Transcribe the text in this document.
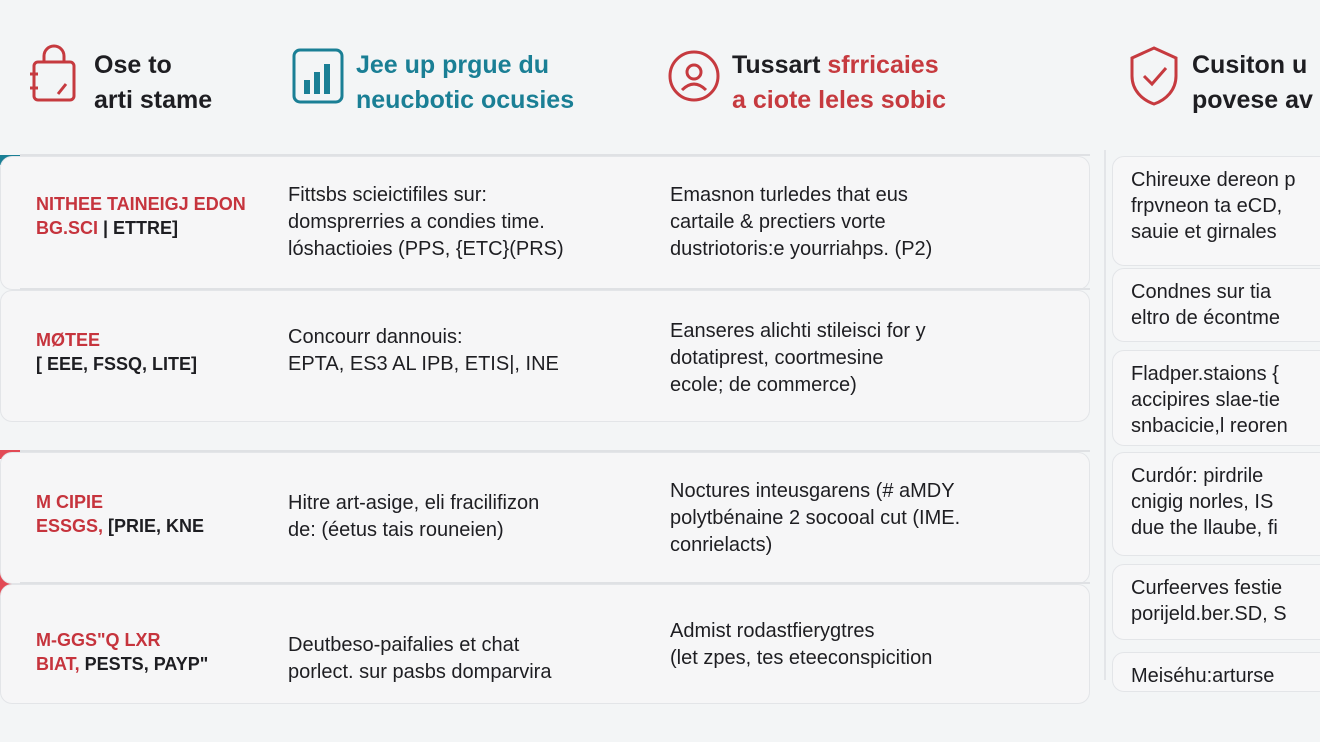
Ose to
arti stame
Jee up prgue du
neucbotic ocusies
Tussart sfrricaies
a ciote leles sobic
Cusiton u
povese av
NITHEE TAINEIGJ EDON
BG.SCI | ETTRE]
Fittsbs scieictifiles sur:
domsprerries a condies time.
lóshactioies (PPS, {ETC}(PRS)
Emasnon turledes that eus
cartaile & prectiers vorte
dustriotoris:e yourriahps. (P2)
MØTEE
[ EEE, FSSQ, LITE]
Concourr dannouis:
EPTA, ES3 AL IPB, ETIS|, INE
Eanseres alichti stileisci for y
dotatiprest, coortmesine
ecole; de commerce)
M CIPIE
ESSGS, [PRIE, KNE
Hitre art-asige, eli fracilifizon
de: (éetus tais rouneien)
Noctures inteusgarens (# aMDY
polytbénaine 2 socooal cut (IME.
conrielacts)
M-GGS"Q LXR
BIAT, PESTS, PAYP"
Deutbeso-paifalies et chat
porlect. sur pasbs domparvira
Admist rodastfierygtres
(let zpes, tes eteeconspicition
Chireuxe dereon p
frpvneon ta eCD,
sauie et girnales
Condnes sur tia
eltro de écontme
Fladper.staions {
accipires slae-tie
snbacicie,l reoren
Curdór: pirdrile
cnigig norles, IS
due the llaube, fi
Curfeerves festie
porijeld.ber.SD, S
Meiséhu:arturse
